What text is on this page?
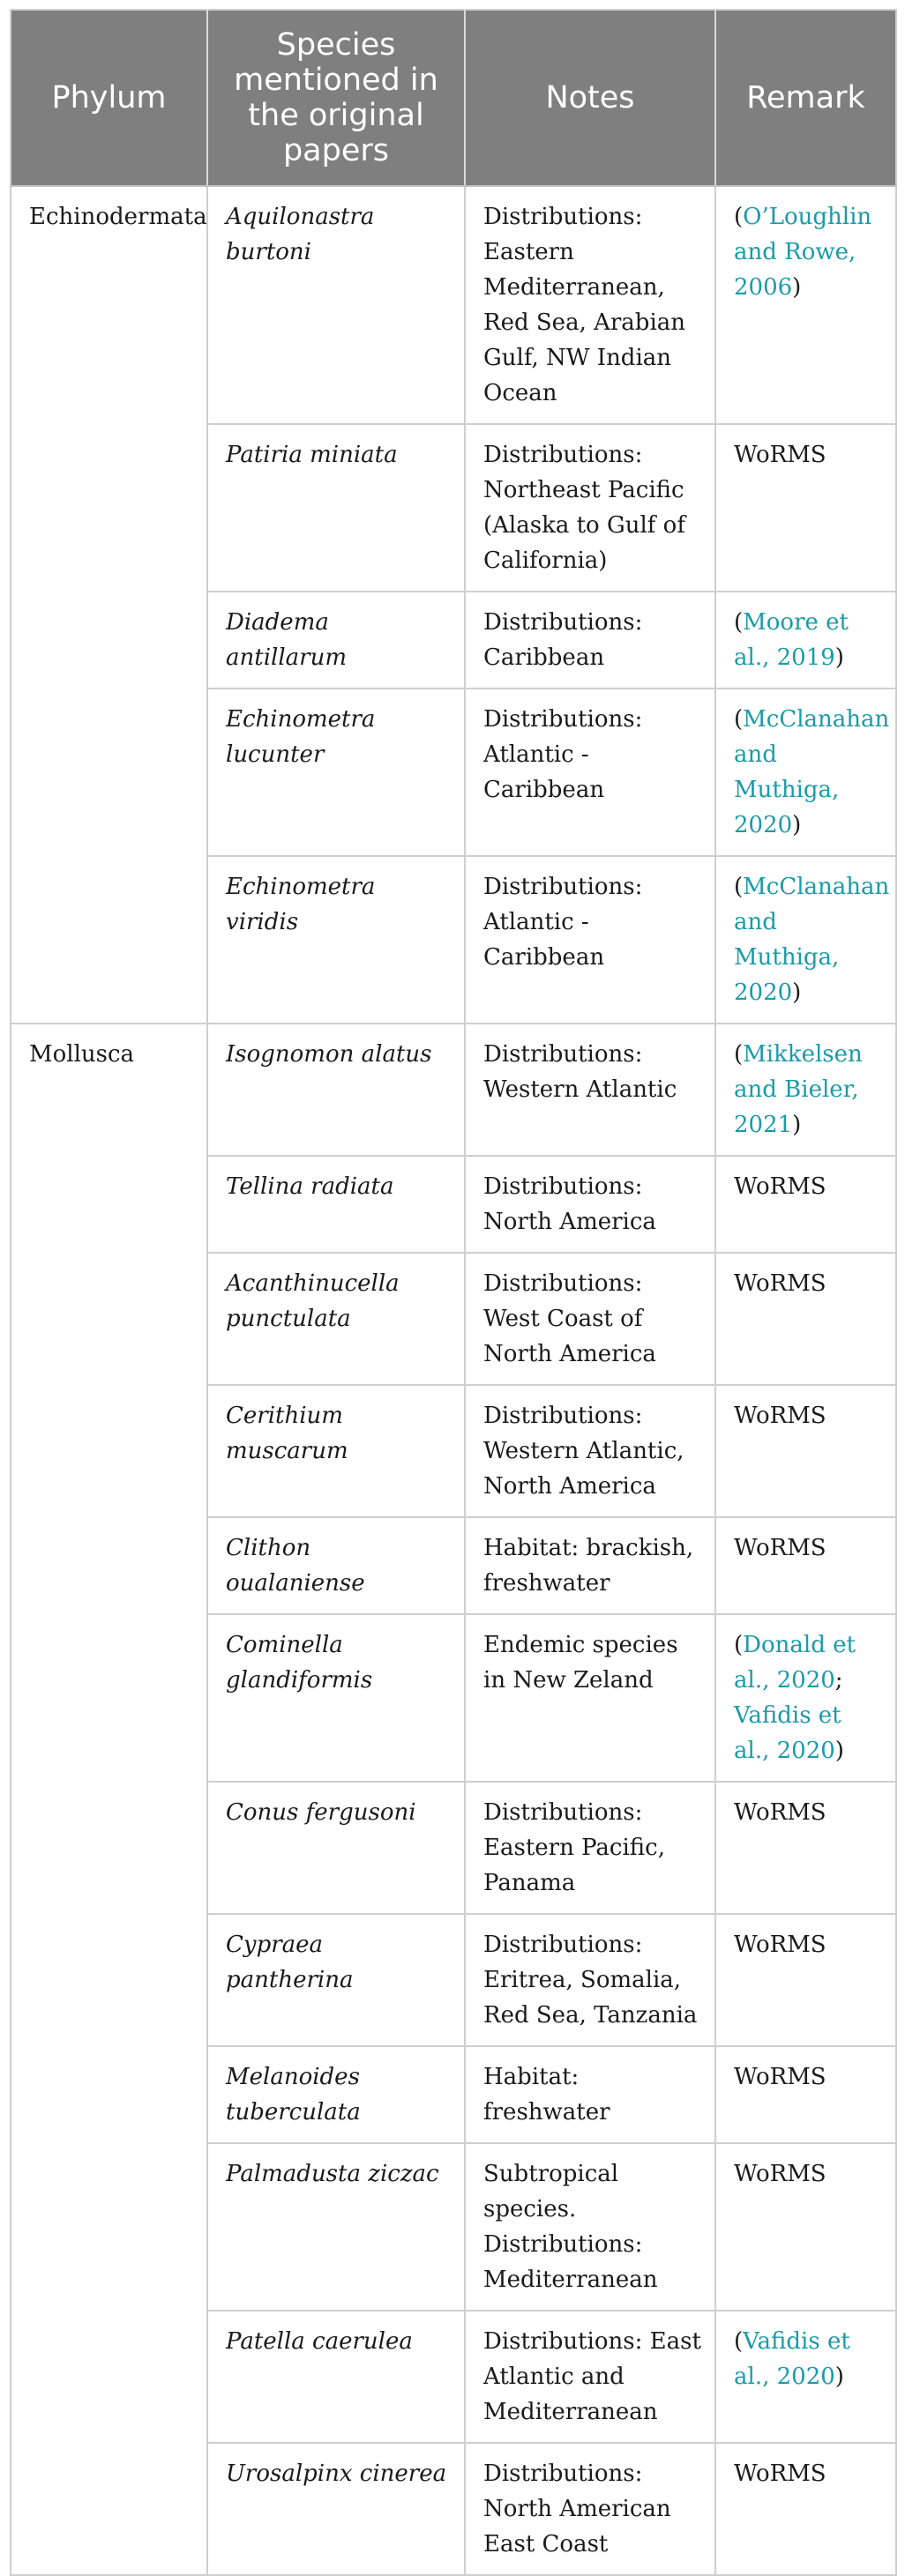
Phylum	Species mentioned in the original papers	Notes	Remark
Echinodermata	Aquilonastra burtoni	Distributions: Eastern Mediterranean, Red Sea, Arabian Gulf, NW Indian Ocean	(O’Loughlin and Rowe, 2006)
	Patiria miniata	Distributions: Northeast Pacific (Alaska to Gulf of California)	WoRMS
	Diadema antillarum	Distributions: Caribbean	(Moore et al., 2019)
	Echinometra lucunter	Distributions: Atlantic - Caribbean	(McClanahan and Muthiga, 2020)
	Echinometra viridis	Distributions: Atlantic - Caribbean	(McClanahan and Muthiga, 2020)
Mollusca	Isognomon alatus	Distributions: Western Atlantic	(Mikkelsen and Bieler, 2021)
	Tellina radiata	Distributions: North America	WoRMS
	Acanthinucella punctulata	Distributions: West Coast of North America	WoRMS
	Cerithium muscarum	Distributions: Western Atlantic, North America	WoRMS
	Clithon oualaniense	Habitat: brackish, freshwater	WoRMS
	Cominella glandiformis	Endemic species in New Zeland	(Donald et al., 2020; Vafidis et al., 2020)
	Conus fergusoni	Distributions: Eastern Pacific, Panama	WoRMS
	Cypraea pantherina	Distributions: Eritrea, Somalia, Red Sea, Tanzania	WoRMS
	Melanoides tuberculata	Habitat: freshwater	WoRMS
	Palmadusta ziczac	Subtropical species. Distributions: Mediterranean	WoRMS
	Patella caerulea	Distributions: East Atlantic and Mediterranean	(Vafidis et al., 2020)
	Urosalpinx cinerea	Distributions: North American East Coast	WoRMS
